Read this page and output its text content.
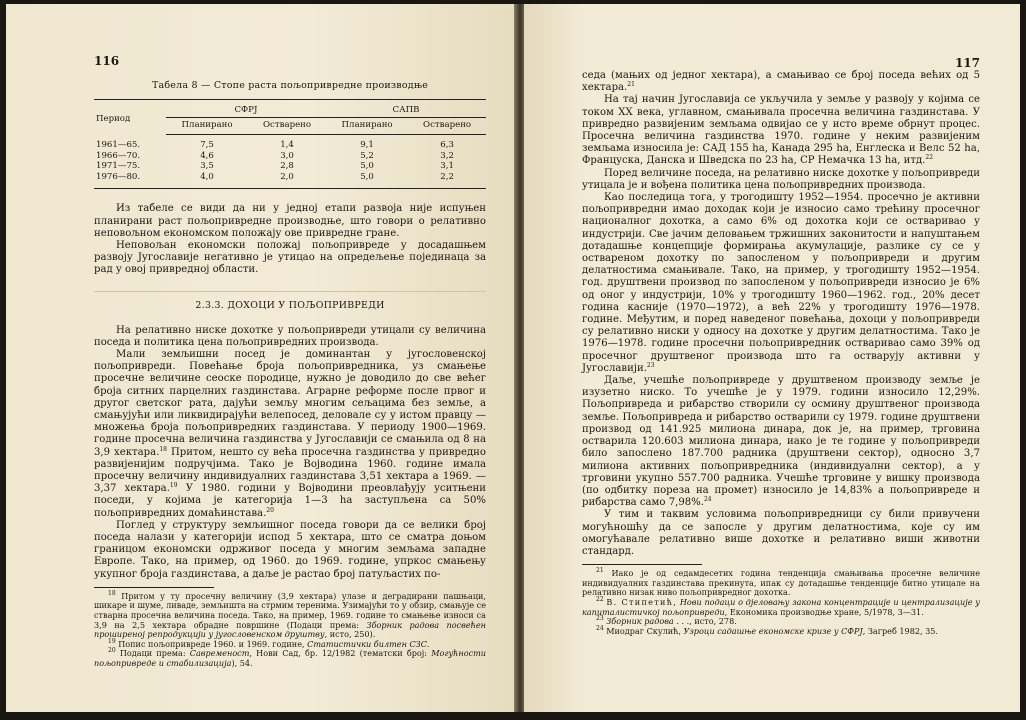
116
Табела 8 — Стопе раста пољопривредне производње
Период	СФРЈ		САПВ	
	Планирано	Остварено	Планирано	Остварено
1961—65.	7,5	1,4	9,1	6,3
1966—70.	4,6	3,0	5,2	3,2
1971—75.	3,5	2,8	5,0	3,1
1976—80.	4,0	2,0	5,0	2,2

Из табеле се види да ни у једној етапи развоја није испуњен планирани раст пољопривредне производње, што говори о релативно неповољном економском положају ове привредне гране.

Неповољан економски положај пољопривреде у досадашњем развоју Југославије негативно је утицао на опредељење појединаца за рад у овој привредној области.

2.3.3. ДОХОЦИ У ПОЉОПРИВРЕДИ

На релативно ниске дохотке у пољопривреди утицали су величина поседа и политика цена пољопривредних производа.

Мали земљишни посед је доминантан у југословенској пољопривреди. Повећање броја пољопривредника, уз смањење просечне величине сеоске породице, нужно је доводило до све већег броја ситних парцелних газдинстава. Аграрне реформе после првог и другог светског рата, дајући земљу многим сељацима без земље, а смањујући или ликвидирајући велепосед, деловале су у истом правцу — множења броја пољопривредних газдинстава. У периоду 1900—1969. године просечна величина газдинства у Југославији се смањила од 8 на 3,9 хектара.$^{18}$ Притом, нешто су већа просечна газдинства у привредно развијенијим подручјима. Тако је Војводина 1960. године имала просечну величину индивидуалних газдинстава 3,51 хектара а 1969. — 3,37 хектара.$^{19}$ У 1980. години у Војводини преовлађују уситњени поседи, у којима је категорија 1—3 ha заступљена са 50% пољопривредних домаћинстава.$^{20}$

Поглед у структуру земљишног поседа говори да се велики број поседа налази у категорији испод 5 хектара, што се сматра доњом границом економски одрживог поседа у многим земљама западне Европе. Тако, на пример, од 1960. до 1969. године, упркос смањењу укупног броја газдинстава, а даље је растао број патуљастих по-

$^{18}$ Притом у ту просечну величину (3,9 хектара) улазе и деградирани пашњаци, шикаре и шуме, ливаде, земљишта на стрмим теренима. Узимајући то у обзир, смањује се стварна просечна величина поседа. Тако, на пример, 1969. године то смањење износи са 3,9 на 2,5 хектара обрадне површине (Подаци према: Зборник радова посвећен проширеној репродукцији у југословенском друштву, исто, 250).

$^{19}$ Попис пољопривреде 1960. и 1969. године, Статистички билтен СЗС.

$^{20}$ Подаци према: Савременост, Нови Сад, бр. 12/1982 (тематски број: Могућности пољопривреде и стабилизација), 54.

117

седа (мањих од једног хектара), а смањивао се број поседа већих од 5 хектара.$^{21}$

На тај начин Југославија се укључила у земље у развоју у којима се током XX века, углавном, смањивала просечна величина газдинстава. У привредно развијеним земљама одвијао се у исто време обрнут процес. Просечна величина газдинства 1970. године у неким развијеним земљама износила је: САД 155 ha, Канада 295 ha, Енглеска и Велс 52 ha, Француска, Данска и Шведска по 23 ha, СР Немачка 13 ha, итд.$^{22}$

Поред величине поседа, на релативно ниске дохотке у пољопривреди утицала је и вођена политика цена пољопривредних производа.

Као последица тога, у трогодишту 1952—1954. просечно је активни пољопривредни имао доходак који је износио само трећину просечног националног дохотка, а само 6% од дохотка који се остваривао у индустрији. Све јачим деловањем тржишних законитости и напуштањем дотадашње концепције формирања акумулације, разлике су се у оствареном дохотку по запосленом у пољопривреди и другим делатностима смањивале. Тако, на пример, у трогодишту 1952—1954. год. друштвени производ по запосленом у пољопривреди износио је 6% од оног у индустрији, 10% у трогодишту 1960—1962. год., 20% десет година касније (1970—1972), а већ 22% у трогодишту 1976—1978. године. Међутим, и поред наведеног повећања, дохоци у пољопривреди су релативно ниски у односу на дохотке у другим делатностима. Тако је 1976—1978. године просечни пољопривредник остваривао само 39% од просечног друштвеног производа што га остварују активни у Југославији.$^{23}$

Даље, учешће пољопривреде у друштвеном производу земље је изузетно ниско. То учешће је у 1979. години износило 12,29%. Пољопривреда и рибарство створили су осмину друштвеног производа земље. Пољопривреда и рибарство остварили су 1979. године друштвени производ од 141.925 милиона динара, док је, на пример, трговина остварила 120.603 милиона динара, иако је те године у пољопривреди било запослено 187.700 радника (друштвени сектор), односно 3,7 милиона активних пољопривредника (индивидуални сектор), а у трговини укупно 557.700 радника. Учешће трговине у вишку производа (по одбитку пореза на промет) износило је 14,83% а пољопривреде и рибарства само 7,98%.$^{24}$

У тим и таквим условима пољопривредници су били привучени могућношћу да се запосле у другим делатностима, које су им омогућавале релативно више дохотке и релативно виши животни стандард.

$^{21}$ Иако је од седамдесетих година тенденција смањивања просечне величине индивидуалних газдинстава прекинута, ипак су дотадашње тенденције битно утицале на релативно низак ниво пољопривредног дохотка.

$^{22}$ В. Стипетић, Нови подаци о дјеловању закона концентрације и централизације у капиталистичкој пољопривреди, Економика производње хране, 5/1978, 3—31.

$^{23}$ Зборник радова . . ., исто, 278.

$^{24}$ Миодраг Скулић, Узроци садашње економске кризе у СФРЈ, Загреб 1982, 35.
